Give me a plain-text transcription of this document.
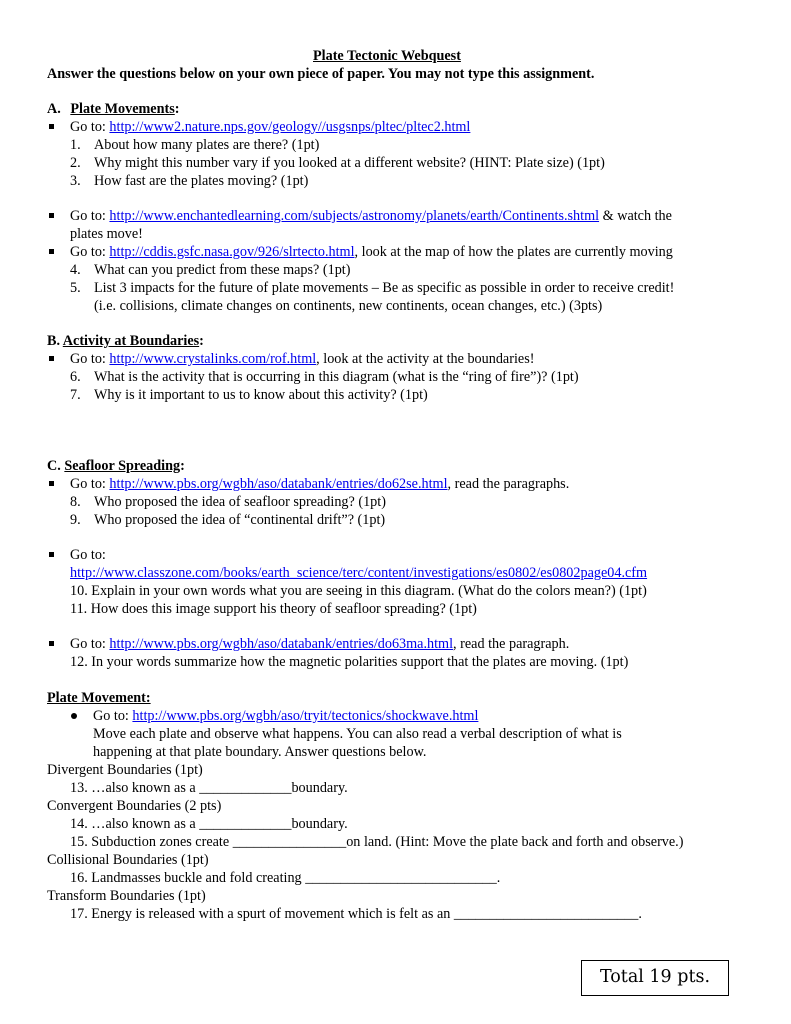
Plate Tectonic Webquest
Answer the questions below on your own piece of paper. You may not type this assignment.
A. Plate Movements:
Go to: http://www2.nature.nps.gov/geology//usgsnps/pltec/pltec2.html
1. About how many plates are there? (1pt)
2. Why might this number vary if you looked at a different website? (HINT: Plate size) (1pt)
3. How fast are the plates moving? (1pt)
Go to: http://www.enchantedlearning.com/subjects/astronomy/planets/earth/Continents.shtml & watch the
plates move!
Go to: http://cddis.gsfc.nasa.gov/926/slrtecto.html, look at the map of how the plates are currently moving
4. What can you predict from these maps? (1pt)
5. List 3 impacts for the future of plate movements – Be as specific as possible in order to receive credit!
(i.e. collisions, climate changes on continents, new continents, ocean changes, etc.) (3pts)
B. Activity at Boundaries:
Go to: http://www.crystalinks.com/rof.html, look at the activity at the boundaries!
6. What is the activity that is occurring in this diagram (what is the “ring of fire”)? (1pt)
7. Why is it important to us to know about this activity? (1pt)
C. Seafloor Spreading:
Go to: http://www.pbs.org/wgbh/aso/databank/entries/do62se.html, read the paragraphs.
8. Who proposed the idea of seafloor spreading? (1pt)
9. Who proposed the idea of “continental drift”? (1pt)
Go to:
http://www.classzone.com/books/earth_science/terc/content/investigations/es0802/es0802page04.cfm
10. Explain in your own words what you are seeing in this diagram. (What do the colors mean?) (1pt)
11. How does this image support his theory of seafloor spreading? (1pt)
Go to: http://www.pbs.org/wgbh/aso/databank/entries/do63ma.html, read the paragraph.
12. In your words summarize how the magnetic polarities support that the plates are moving. (1pt)
Plate Movement:
Go to: http://www.pbs.org/wgbh/aso/tryit/tectonics/shockwave.html
Move each plate and observe what happens. You can also read a verbal description of what is
happening at that plate boundary. Answer questions below.
Divergent Boundaries (1pt)
13. …also known as a _____________boundary.
Convergent Boundaries (2 pts)
14. …also known as a _____________boundary.
15. Subduction zones create ________________on land. (Hint: Move the plate back and forth and observe.)
Collisional Boundaries (1pt)
16. Landmasses buckle and fold creating ___________________________.
Transform Boundaries (1pt)
17. Energy is released with a spurt of movement which is felt as an __________________________.
Total 19 pts.
